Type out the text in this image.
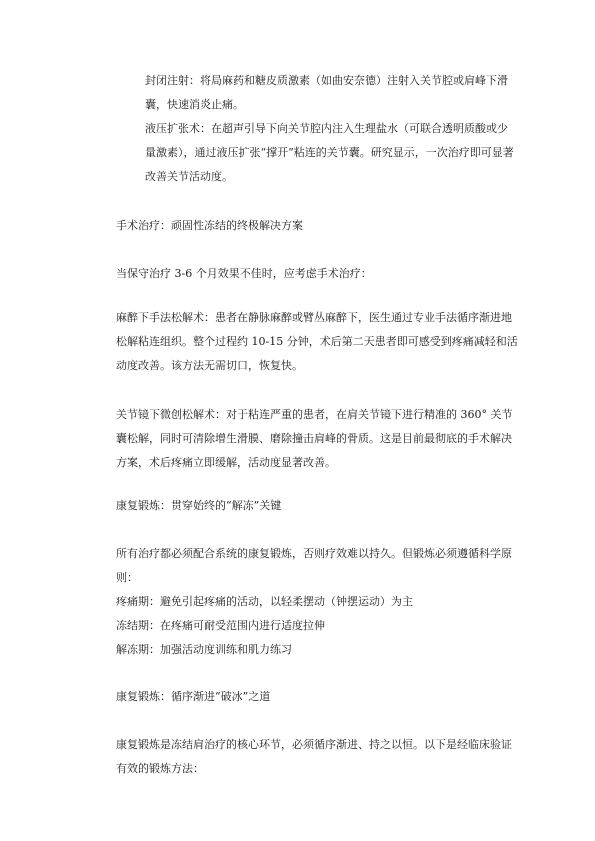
封闭注射：将局麻药和糖皮质激素（如曲安奈德）注射入关节腔或肩峰下滑囊，快速消炎止痛。

液压扩张术：在超声引导下向关节腔内注入生理盐水（可联合透明质酸或少量激素），通过液压扩张“撑开”粘连的关节囊。研究显示，一次治疗即可显著改善关节活动度。

手术治疗：顽固性冻结的终极解决方案

当保守治疗 3-6 个月效果不佳时，应考虑手术治疗：

麻醉下手法松解术：患者在静脉麻醉或臂丛麻醉下，医生通过专业手法循序渐进地松解粘连组织。整个过程约 10-15 分钟，术后第二天患者即可感受到疼痛减轻和活动度改善。该方法无需切口，恢复快。

关节镜下微创松解术：对于粘连严重的患者，在肩关节镜下进行精准的 360° 关节囊松解，同时可清除增生滑膜、磨除撞击肩峰的骨质。这是目前最彻底的手术解决方案，术后疼痛立即缓解，活动度显著改善。

康复锻炼：贯穿始终的“解冻”关键

所有治疗都必须配合系统的康复锻炼，否则疗效难以持久。但锻炼必须遵循科学原则：

疼痛期：避免引起疼痛的活动，以轻柔摆动（钟摆运动）为主

冻结期：在疼痛可耐受范围内进行适度拉伸

解冻期：加强活动度训练和肌力练习

康复锻炼：循序渐进“破冰”之道

康复锻炼是冻结肩治疗的核心环节，必须循序渐进、持之以恒。以下是经临床验证有效的锻炼方法：
